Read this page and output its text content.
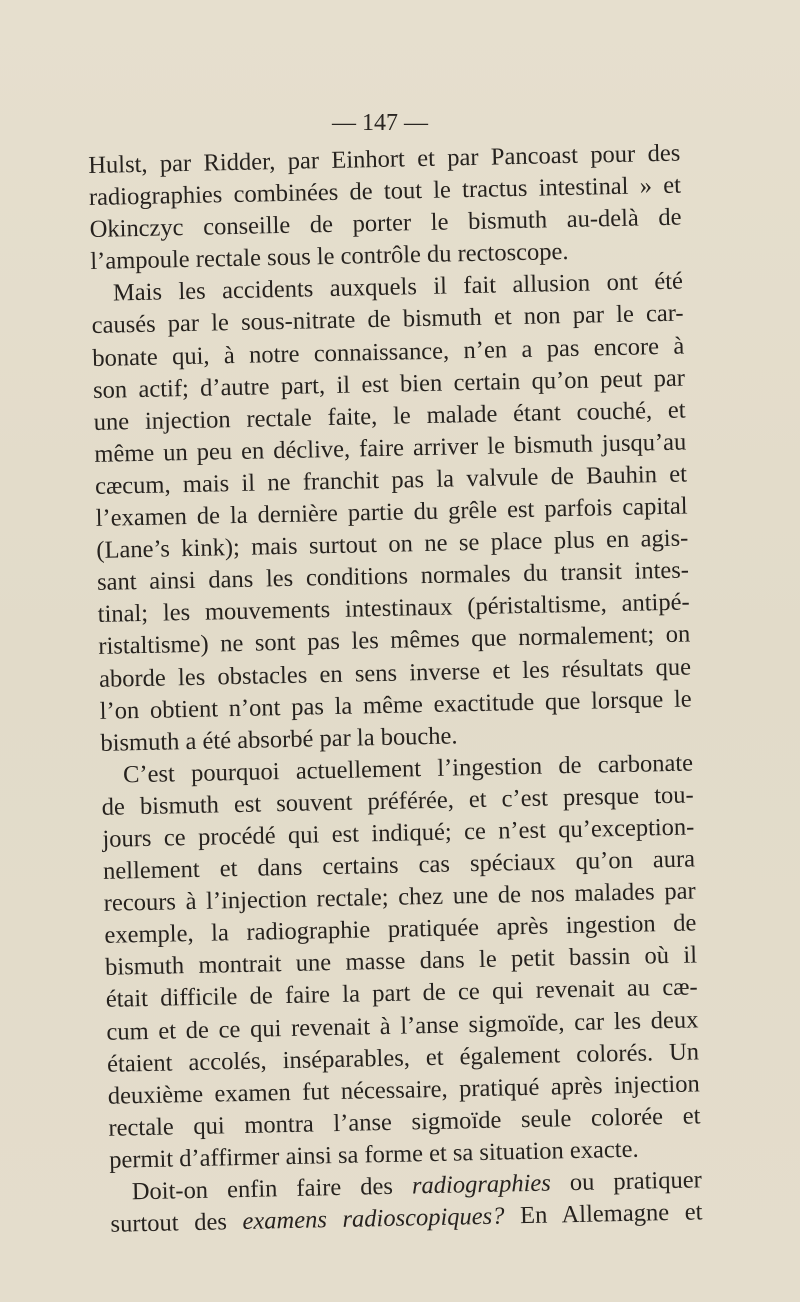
— 147 —
Hulst, par Ridder, par Einhort et par Pancoast pour des
radiographies combinées de tout le tractus intestinal » et
Okinczyc conseille de porter le bismuth au-delà de
l’ampoule rectale sous le contrôle du rectoscope.
Mais les accidents auxquels il fait allusion ont été
causés par le sous-nitrate de bismuth et non par le car-
bonate qui, à notre connaissance, n’en a pas encore à
son actif; d’autre part, il est bien certain qu’on peut par
une injection rectale faite, le malade étant couché, et
même un peu en déclive, faire arriver le bismuth jusqu’au
cæcum, mais il ne franchit pas la valvule de Bauhin et
l’examen de la dernière partie du grêle est parfois capital
(Lane’s kink); mais surtout on ne se place plus en agis-
sant ainsi dans les conditions normales du transit intes-
tinal; les mouvements intestinaux (péristaltisme, antipé-
ristaltisme) ne sont pas les mêmes que normalement; on
aborde les obstacles en sens inverse et les résultats que
l’on obtient n’ont pas la même exactitude que lorsque le
bismuth a été absorbé par la bouche.
C’est pourquoi actuellement l’ingestion de carbonate
de bismuth est souvent préférée, et c’est presque tou-
jours ce procédé qui est indiqué; ce n’est qu’exception-
nellement et dans certains cas spéciaux qu’on aura
recours à l’injection rectale; chez une de nos malades par
exemple, la radiographie pratiquée après ingestion de
bismuth montrait une masse dans le petit bassin où il
était difficile de faire la part de ce qui revenait au cæ-
cum et de ce qui revenait à l’anse sigmoïde, car les deux
étaient accolés, inséparables, et également colorés. Un
deuxième examen fut nécessaire, pratiqué après injection
rectale qui montra l’anse sigmoïde seule colorée et
permit d’affirmer ainsi sa forme et sa situation exacte.
Doit-on enfin faire des radiographies ou pratiquer
surtout des examens radioscopiques? En Allemagne et
